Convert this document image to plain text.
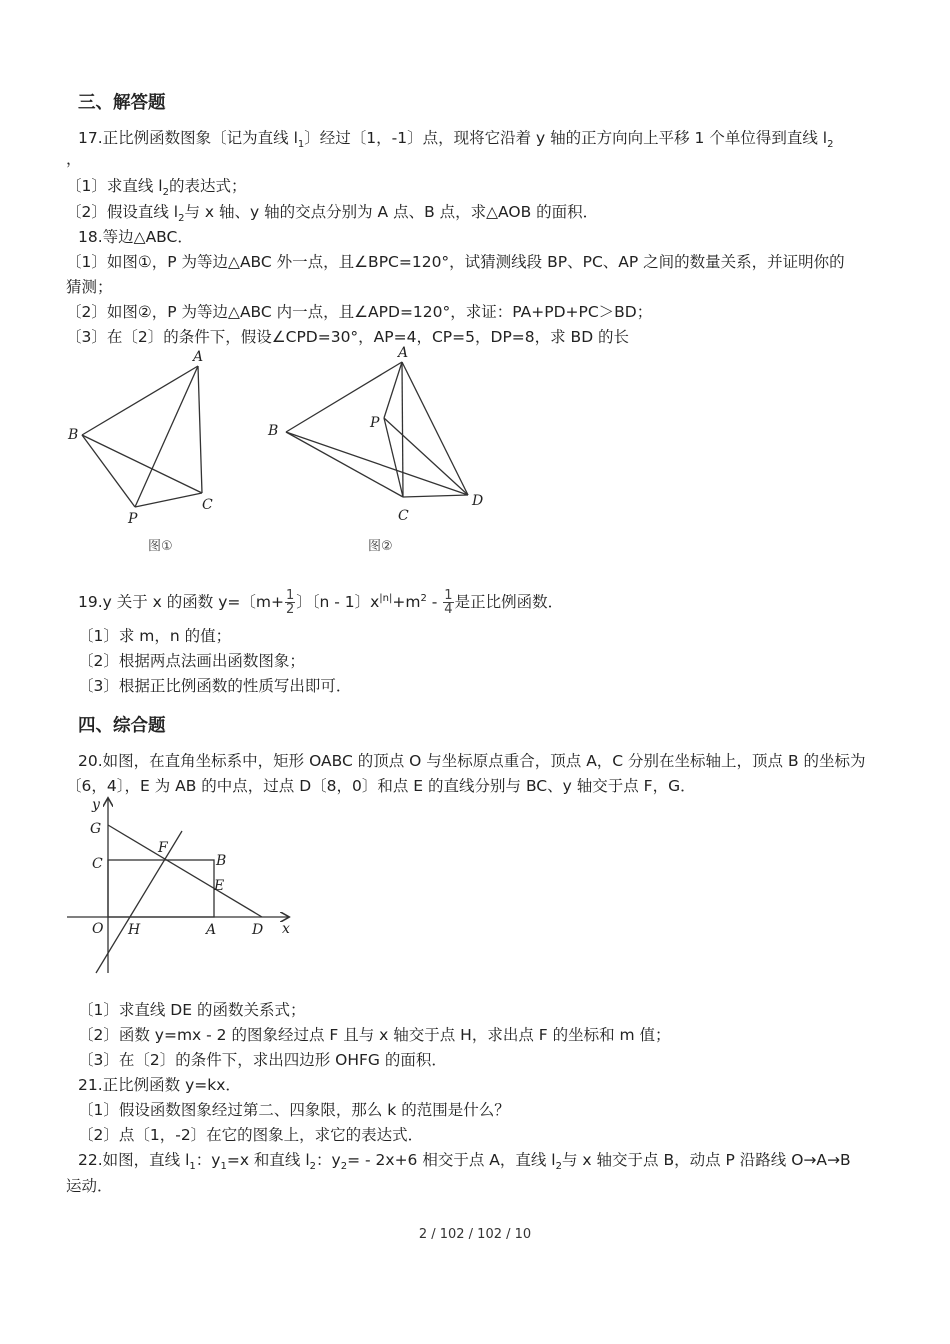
三、解答题
17.正比例函数图象〔记为直线 $l_1$〕经过〔1，-1〕点，现将它沿着 y 轴的正方向向上平移 1 个单位得到直线 $l_2$
，
〔1〕求直线 $l_2$的表达式；
〔2〕假设直线 $l_2$与 x 轴、y 轴的交点分别为 A 点、B 点，求△AOB 的面积．
18.等边△ABC．
〔1〕如图①，P 为等边△ABC 外一点，且∠BPC=120°，试猜测线段 BP、PC、AP 之间的数量关系，并证明你的
猜测；
〔2〕如图②，P 为等边△ABC 内一点，且∠APD=120°，求证：PA+PD+PC＞BD；
〔3〕在〔2〕的条件下，假设∠CPD=30°，AP=4，CP=5，DP=8，求 BD 的长
A
B
C
P
图①
A
B	P
C
D
图②
19.y 关于 x 的函数 y=〔$m+ \frac{1}{2}$ 〕〔n - 1〕$x^{|n|}+m^2 - \frac{1}{4}$ 是正比例函数．
〔1〕求 m，n 的值；
〔2〕根据两点法画出函数图象；
〔3〕根据正比例函数的性质写出即可．
四、综合题
20.如图，在直角坐标系中，矩形 OABC 的顶点 O 与坐标原点重合，顶点 A，C 分别在坐标轴上，顶点 B 的坐标为
〔6，4〕，E 为 AB 的中点，过点 D〔8，0〕和点 E 的直线分别与 BC、y 轴交于点 F，G．
y
G
C
F
B
E
O H	A	D x
〔1〕求直线 DE 的函数关系式；
〔2〕函数 y=mx - 2 的图象经过点 F 且与 x 轴交于点 H，求出点 F 的坐标和 m 值；
〔3〕在〔2〕的条件下，求出四边形 OHFG 的面积．
21.正比例函数 y=kx．
〔1〕假设函数图象经过第二、四象限，那么 k 的范围是什么？
〔2〕点〔1，-2〕在它的图象上，求它的表达式．
22.如图，直线 $l_1$：$y_1=x$ 和直线 $l_2$：$y_2= - 2x+6$ 相交于点 A，直线 $l_2$与 x 轴交于点 B，动点 P 沿路线 O→A→B
运动．
2 / 102 / 102 / 10
